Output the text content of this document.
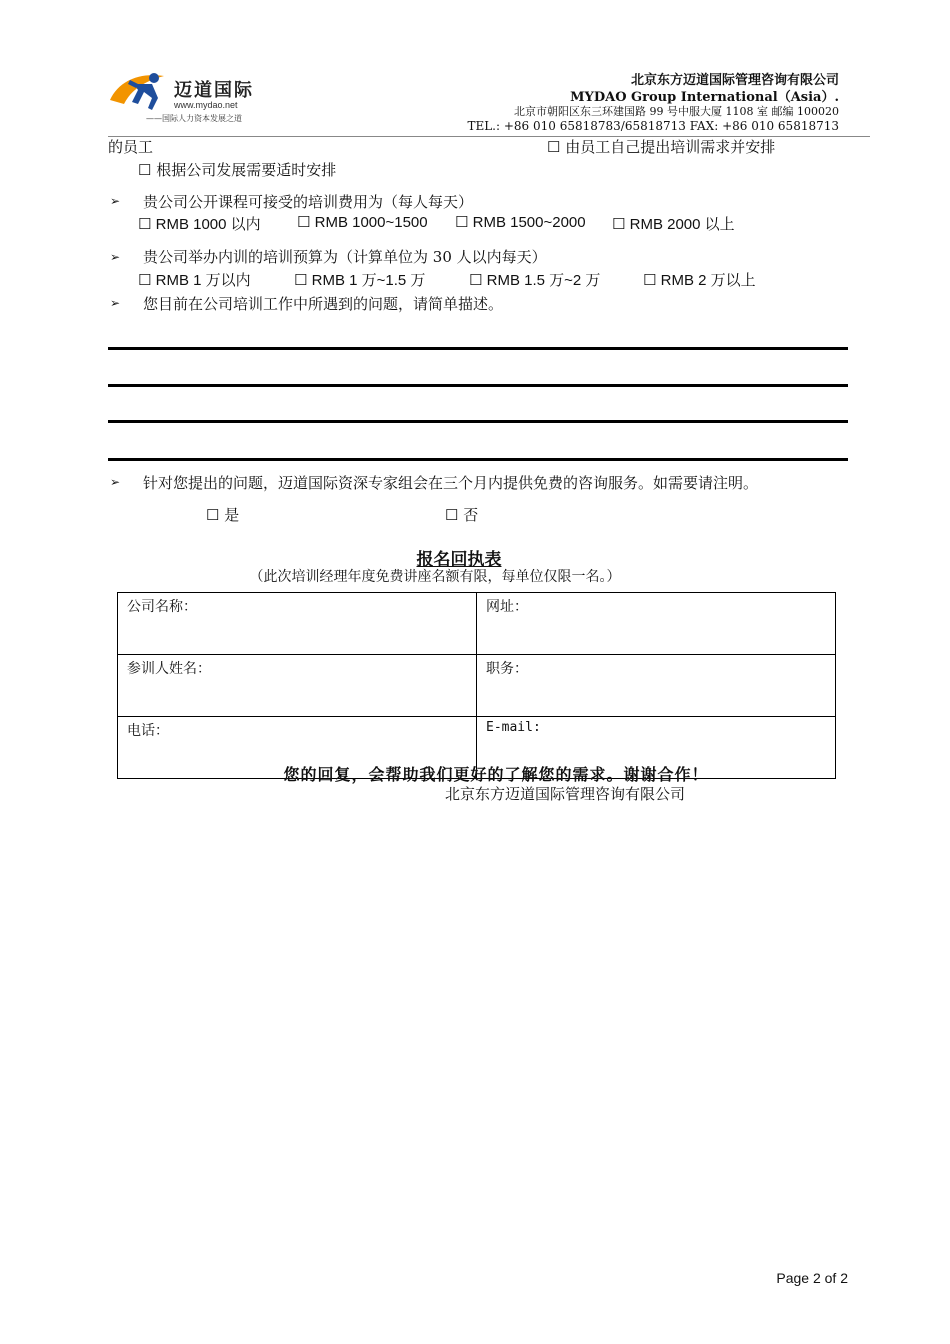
迈道国际
www.mydao.net
——国际人力资本发展之道
北京东方迈道国际管理咨询有限公司
MYDAO Group International（Asia）.
北京市朝阳区东三环建国路 99 号中服大厦 1108 室 邮编 100020
TEL.: +86 010 65818783/65818713 FAX: +86 010 65818713
的员工	☐ 由员工自己提出培训需求并安排
☐ 根据公司发展需要适时安排
➢ 贵公司公开课程可接受的培训费用为（每人每天）
☐ RMB 1000 以内 ☐ RMB 1000~1500 ☐ RMB 1500~2000 ☐ RMB 2000 以上
➢ 贵公司举办内训的培训预算为（计算单位为 30 人以内每天）
☐ RMB 1 万以内	☐ RMB 1 万~1.5 万	☐ RMB 1.5 万~2 万	☐ RMB 2 万以上
➢ 您目前在公司培训工作中所遇到的问题，请简单描述。
➢ 针对您提出的问题，迈道国际资深专家组会在三个月内提供免费的咨询服务。如需要请注明。
☐ 是	☐ 否
报名回执表
（此次培训经理年度免费讲座名额有限，每单位仅限一名。）
公司名称：	网址：
参训人姓名：	职务：
电话：	E-mail:
您的回复，会帮助我们更好的了解您的需求。谢谢合作！
北京东方迈道国际管理咨询有限公司
Page 2 of 2
